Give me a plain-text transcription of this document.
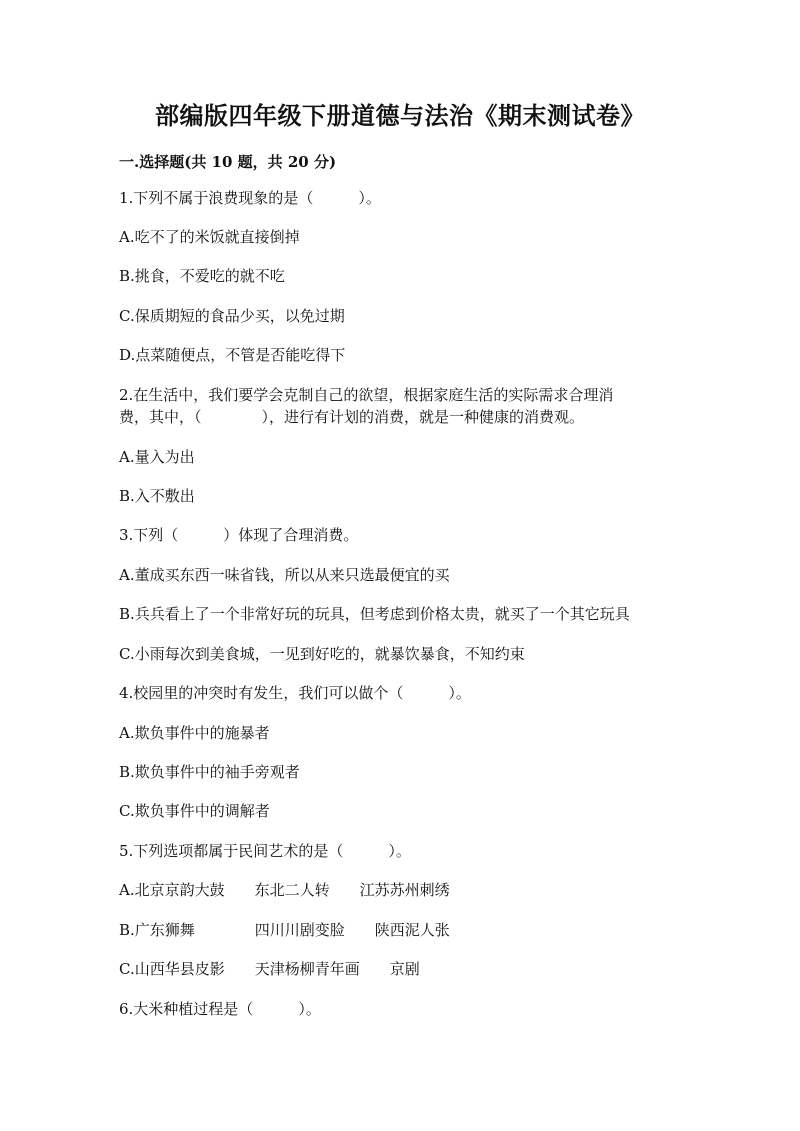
部编版四年级下册道德与法治《期末测试卷》

一.选择题(共 10 题，共 20 分)

1.下列不属于浪费现象的是（　　　）。

A.吃不了的米饭就直接倒掉

B.挑食，不爱吃的就不吃

C.保质期短的食品少买，以免过期

D.点菜随便点，不管是否能吃得下

2.在生活中，我们要学会克制自己的欲望，根据家庭生活的实际需求合理消

费，其中，（　　　　），进行有计划的消费，就是一种健康的消费观。

A.量入为出

B.入不敷出

3.下列（　　　）体现了合理消费。

A.董成买东西一味省钱，所以从来只选最便宜的买

B.兵兵看上了一个非常好玩的玩具，但考虑到价格太贵，就买了一个其它玩具

C.小雨每次到美食城，一见到好吃的，就暴饮暴食，不知约束

4.校园里的冲突时有发生，我们可以做个（　　　）。

A.欺负事件中的施暴者

B.欺负事件中的袖手旁观者

C.欺负事件中的调解者

5.下列选项都属于民间艺术的是（　　　）。

A.北京京韵大鼓　　东北二人转　　江苏苏州刺绣

B.广东狮舞　　　　四川川剧变脸　　陕西泥人张

C.山西华县皮影　　天津杨柳青年画　　京剧

6.大米种植过程是（　　　）。
